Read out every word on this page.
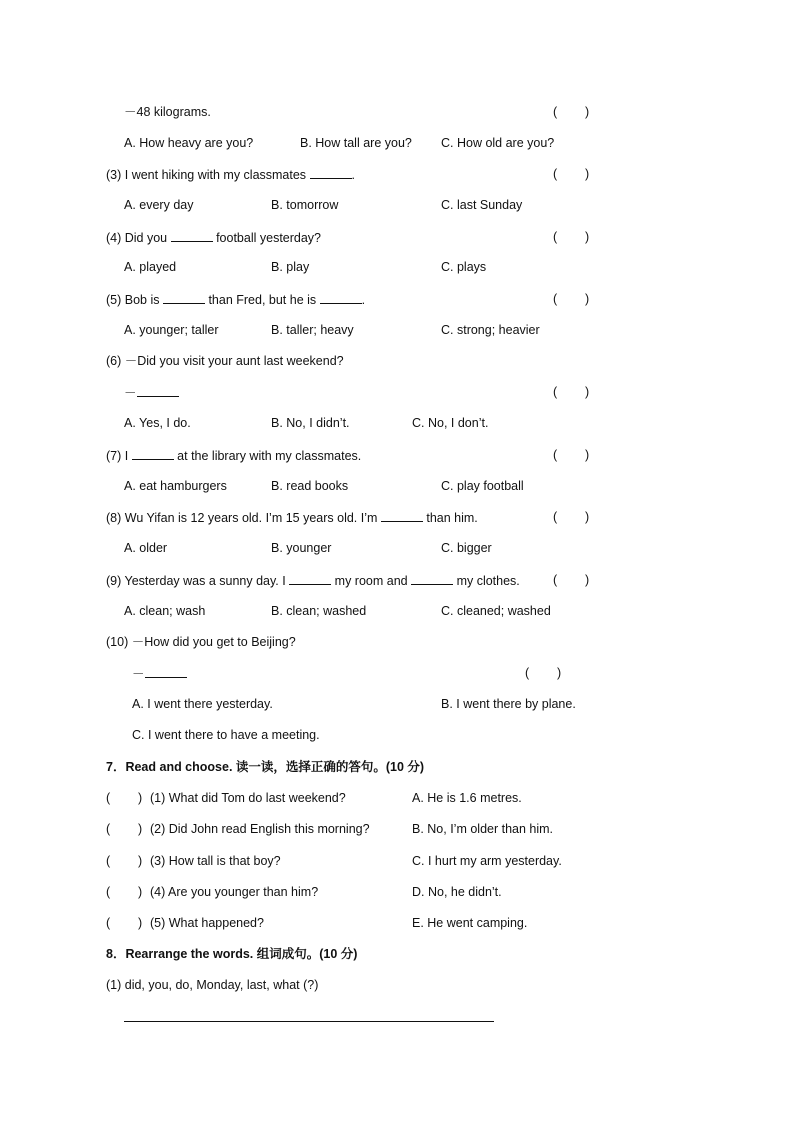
－48 kilograms.	(        )
A. How heavy are you?	B. How tall are you? C. How old are you?
(3) I went hiking with my classmates	.	(        )
A. every day	B. tomorrow	C. last Sunday
(4) Did you	football yesterday?	(        )
A. played	B. play	C. plays
(5) Bob is	than Fred, but he is	.	(        )
A. younger; taller	B. taller; heavy	C. strong; heavier
(6) －Did you visit your aunt last weekend?
－	(        )
A. Yes, I do.	B. No, I didn’t.	C. No, I don’t.
(7) I	at the library with my classmates.	(        )
A. eat hamburgers	B. read books	C. play football
(8) Wu Yifan is 12 years old. I’m 15 years old. I’m	than him.	(        )
A. older	B. younger	C. bigger
(9) Yesterday was a sunny day. I	my room and	my clothes.	(        )
A. clean; wash	B. clean; washed	C. cleaned; washed
(10) －How did you get to Beijing?
－	(        )
A. I went there yesterday.	B. I went there by plane.
C. I went there to have a meeting.
7．Read and choose. 读一读，选择正确的答句。(10 分)
(        ) (1) What did Tom do last weekend?	A. He is 1.6 metres.
(        ) (2) Did John read English this morning?	B. No, I’m older than him.
(        ) (3) How tall is that boy?	C. I hurt my arm yesterday.
(        ) (4) Are you younger than him?	D. No, he didn’t.
(        ) (5) What happened?	E. He went camping.
8．Rearrange the words. 组词成句。(10 分)
(1) did, you, do, Monday, last, what (?)
